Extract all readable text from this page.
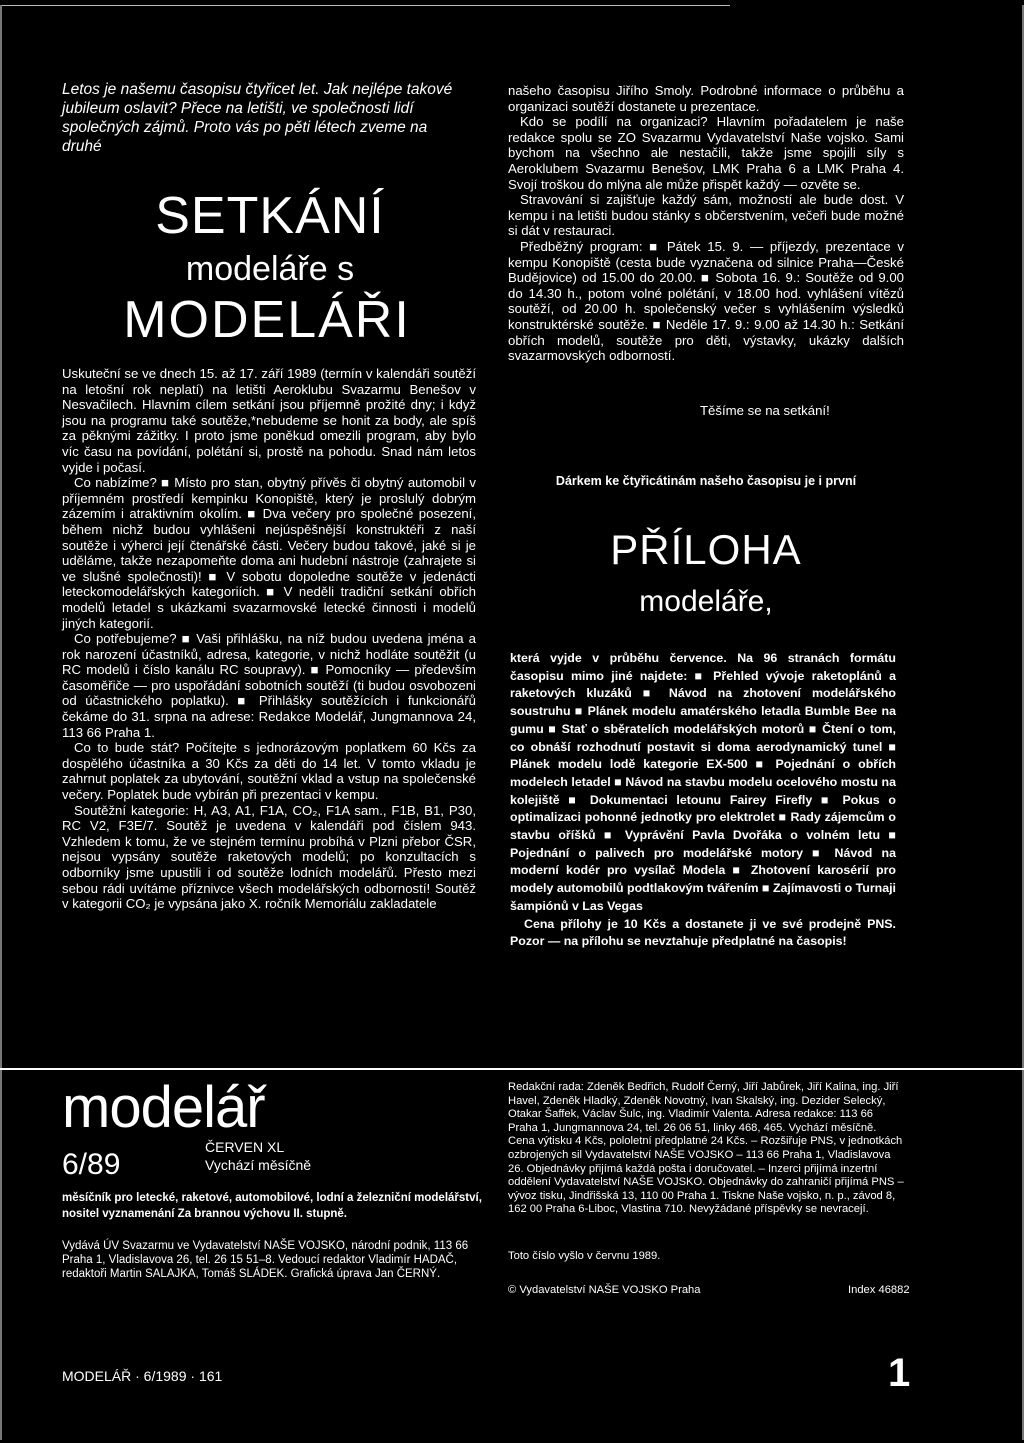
Letos je našemu časopisu čtyřicet let. Jak nejlépe takové jubileum oslavit? Přece na letišti, ve společnosti lidí společných zájmů. Proto vás po pěti létech zveme na druhé
SETKÁNÍ
modeláře s
MODELÁŘI

Uskuteční se ve dnech 15. až 17. září 1989 (termín v kalendáři soutěží na letošní rok neplatí) na letišti Aeroklubu Svazarmu Benešov v Nesvačilech. Hlavním cílem setkání jsou příjemně prožité dny; i když jsou na programu také soutěže,*nebudeme se honit za body, ale spíš za pěknými zážitky. I proto jsme poněkud omezili program, aby bylo víc času na povídání, polétání si, prostě na pohodu. Snad nám letos vyjde i počasí.

Co nabízíme? ■ Místo pro stan, obytný přívěs či obytný automobil v příjemném prostředí kempinku Konopiště, který je proslulý dobrým zázemím i atraktivním okolím. ■ Dva večery pro společné posezení, během nichž budou vyhlášeni nejúspěšnější konstruktéři z naší soutěže i výherci její čtenářské části. Večery budou takové, jaké si je uděláme, takže nezapomeňte doma ani hudební nástroje (zahrajete si ve slušné společnosti)! ■ V sobotu dopoledne soutěže v jedenácti leteckomodelářských kategoriích. ■ V neděli tradiční setkání obřích modelů letadel s ukázkami svazarmovské letecké činnosti i modelů jiných kategorií.

Co potřebujeme? ■ Vaši přihlášku, na níž budou uvedena jména a rok narození účastníků, adresa, kategorie, v nichž hodláte soutěžit (u RC modelů i číslo kanálu RC soupravy). ■ Pomocníky — především časoměřiče — pro uspořádání sobotních soutěží (ti budou osvobozeni od účastnického poplatku). ■ Přihlášky soutěžících i funkcionářů čekáme do 31. srpna na adrese: Redakce Modelář, Jungmannova 24, 113 66 Praha 1.

Co to bude stát? Počítejte s jednorázovým poplatkem 60 Kčs za dospělého účastníka a 30 Kčs za děti do 14 let. V tomto vkladu je zahrnut poplatek za ubytování, soutěžní vklad a vstup na společenské večery. Poplatek bude vybírán při prezentaci v kempu.

Soutěžní kategorie: H, A3, A1, F1A, CO₂, F1A sam., F1B, B1, P30, RC V2, F3E/7. Soutěž je uvedena v kalendáři pod číslem 943. Vzhledem k tomu, že ve stejném termínu probíhá v Plzni přebor ČSR, nejsou vypsány soutěže raketových modelů; po konzultacích s odborníky jsme upustili i od soutěže lodních modelářů. Přesto mezi sebou rádi uvítáme příznivce všech modelářských odborností! Soutěž v kategorii CO₂ je vypsána jako X. ročník Memoriálu zakladatele

našeho časopisu Jiřího Smoly. Podrobné informace o průběhu a organizaci soutěží dostanete u prezentace.

Kdo se podílí na organizaci? Hlavním pořadatelem je naše redakce spolu se ZO Svazarmu Vydavatelství Naše vojsko. Sami bychom na všechno ale nestačili, takže jsme spojili síly s Aeroklubem Svazarmu Benešov, LMK Praha 6 a LMK Praha 4. Svojí troškou do mlýna ale může přispět každý — ozvěte se.

Stravování si zajišťuje každý sám, možností ale bude dost. V kempu i na letišti budou stánky s občerstvením, večeři bude možné si dát v restauraci.

Předběžný program: ■ Pátek 15. 9. — příjezdy, prezentace v kempu Konopiště (cesta bude vyznačena od silnice Praha—České Budějovice) od 15.00 do 20.00. ■ Sobota 16. 9.: Soutěže od 9.00 do 14.30 h., potom volné polétání, v 18.00 hod. vyhlášení vítězů soutěží, od 20.00 h. společenský večer s vyhlášením výsledků konstruktérské soutěže. ■ Neděle 17. 9.: 9.00 až 14.30 h.: Setkání obřích modelů, soutěže pro děti, výstavky, ukázky dalších svazarmovských odborností.

Těšíme se na setkání!
Dárkem ke čtyřicátinám našeho časopisu je i první
PŘÍLOHA
modeláře,

která vyjde v průběhu července. Na 96 stranách formátu časopisu mimo jiné najdete: ■ Přehled vývoje raketoplánů a raketových kluzáků ■ Návod na zhotovení modelářského soustruhu ■ Plánek modelu amatérského letadla Bumble Bee na gumu ■ Stať o sběratelích modelářských motorů ■ Čtení o tom, co obnáší rozhodnutí postavit si doma aerodynamický tunel ■ Plánek modelu lodě kategorie EX-500 ■ Pojednání o obřích modelech letadel ■ Návod na stavbu modelu ocelového mostu na kolejiště ■ Dokumentaci letounu Fairey Firefly ■ Pokus o optimalizaci pohonné jednotky pro elektrolet ■ Rady zájemcům o stavbu oříšků ■ Vyprávění Pavla Dvořáka o volném letu ■ Pojednání o palivech pro modelářské motory ■ Návod na moderní kodér pro vysílač Modela ■ Zhotovení karosérií pro modely automobilů podtlakovým tvářením ■ Zajímavosti o Turnaji šampiónů v Las Vegas

Cena přílohy je 10 Kčs a dostanete ji ve své prodejně PNS. Pozor — na přílohu se nevztahuje předplatné na časopis!

modelář
6/89
ČERVEN XL
Vychází měsíčně
měsíčník pro letecké, raketové, automobilové, lodní a železniční modelářství, nositel vyznamenání Za brannou výchovu II. stupně.
Vydává ÚV Svazarmu ve Vydavatelství NAŠE VOJSKO, národní podnik, 113 66 Praha 1, Vladislavova 26, tel. 26 15 51–8. Vedoucí redaktor Vladimír HADAČ, redaktoři Martin SALAJKA, Tomáš SLÁDEK. Grafická úprava Jan ČERNÝ.
Redakční rada: Zdeněk Bedřich, Rudolf Černý, Jiří Jabůrek, Jiří Kalina, ing. Jiří Havel, Zdeněk Hladký, Zdeněk Novotný, Ivan Skalský, ing. Dezider Selecký, Otakar Šaffek, Václav Šulc, ing. Vladimír Valenta. Adresa redakce: 113 66 Praha 1, Jungmannova 24, tel. 26 06 51, linky 468, 465. Vychází měsíčně. Cena výtisku 4 Kčs, pololetní předplatné 24 Kčs. – Rozšiřuje PNS, v jednotkách ozbrojených sil Vydavatelství NAŠE VOJSKO – 113 66 Praha 1, Vladislavova 26. Objednávky přijímá každá pošta i doručovatel. – Inzerci přijímá inzertní oddělení Vydavatelství NAŠE VOJSKO. Objednávky do zahraničí přijímá PNS – vývoz tisku, Jindřišská 13, 110 00 Praha 1. Tiskne Naše vojsko, n. p., závod 8, 162 00 Praha 6-Liboc, Vlastina 710. Nevyžádané příspěvky se nevracejí.
Toto číslo vyšlo v červnu 1989.
© Vydavatelství NAŠE VOJSKO Praha	Index 46882
MODELÁŘ · 6/1989 · 161	1
